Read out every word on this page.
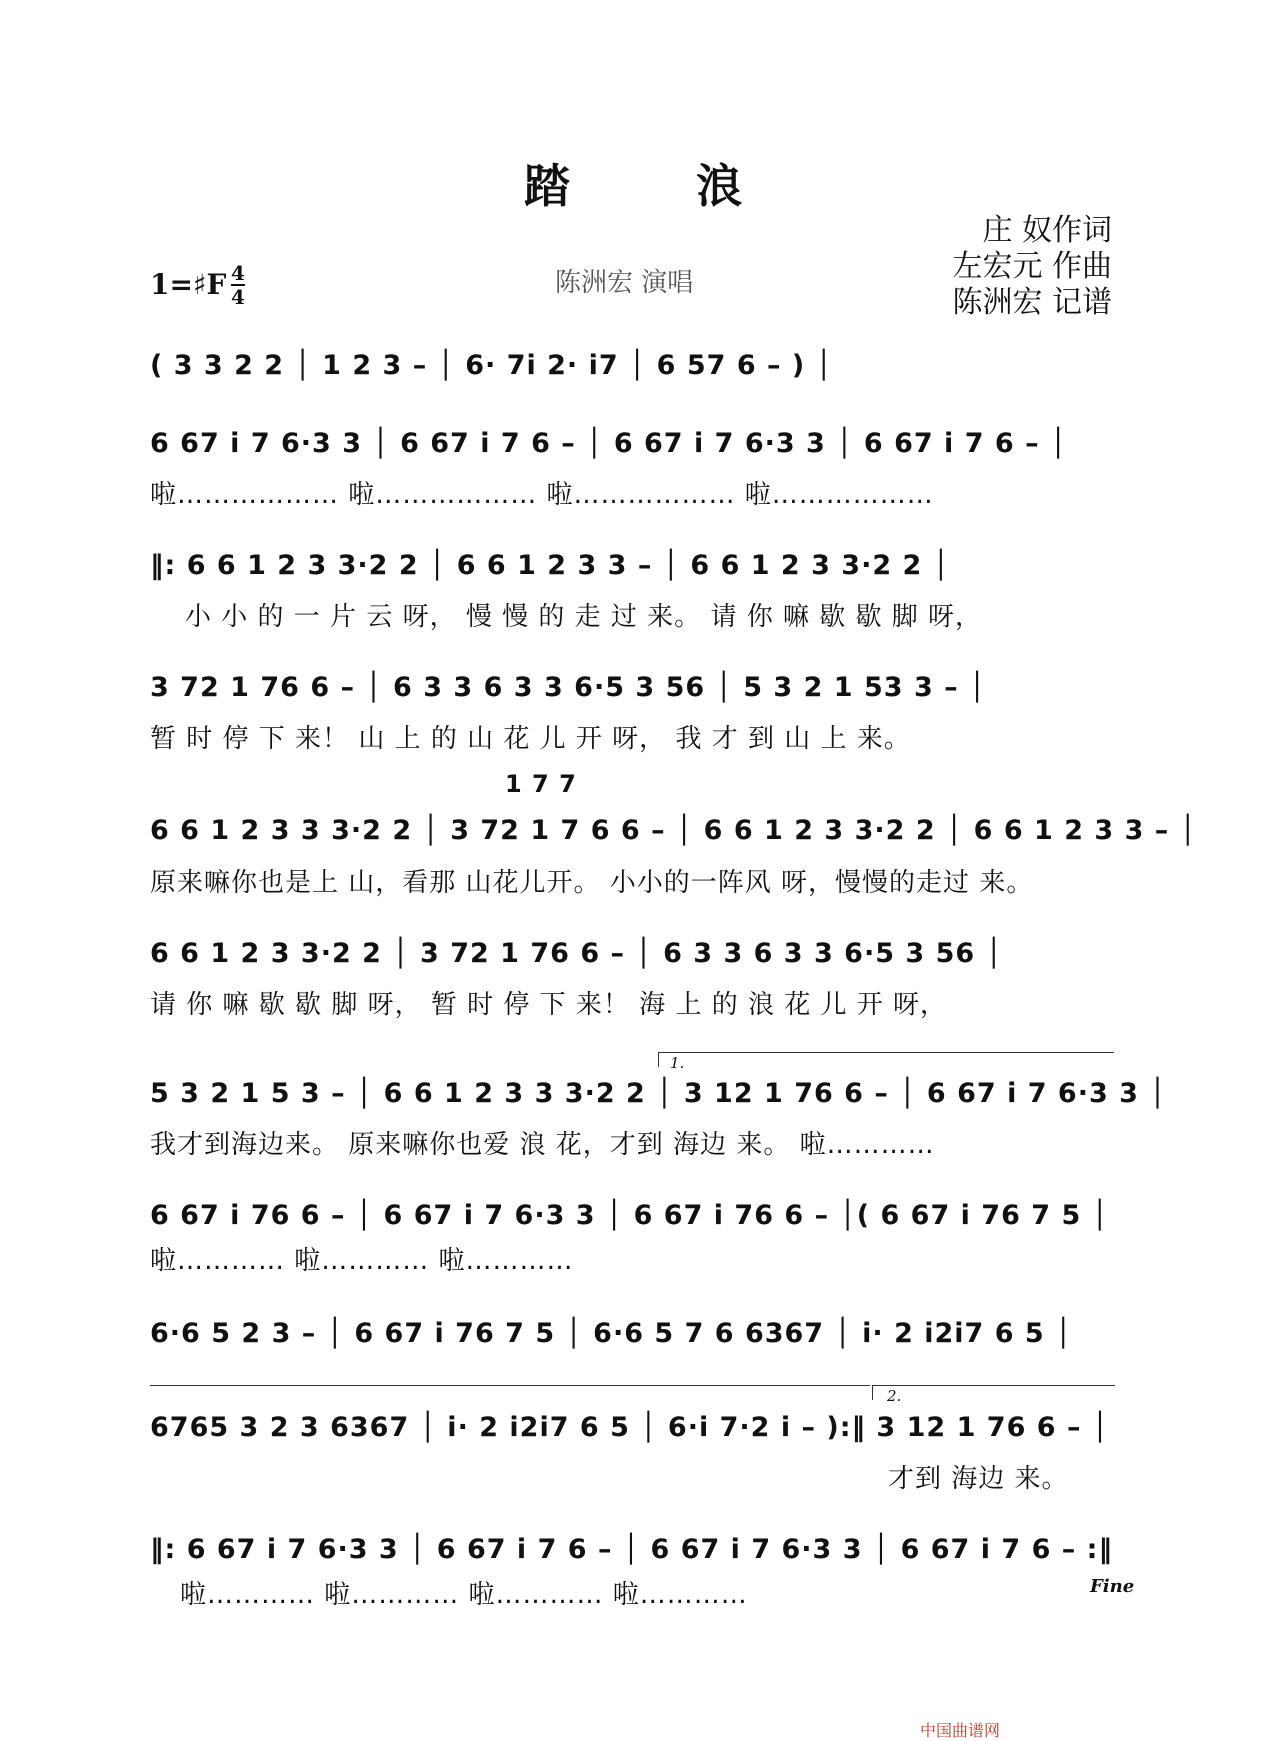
踏	浪
庄 奴作词
左宏元 作曲
陈洲宏 记谱
陈洲宏 演唱
1=♯F 4
4
( 3 3 2 2 │ 1 2 3 – │ 6· 7i 2· i7 │ 6 57 6 – ) │
6 67 i 7 6·3 3 │ 6 67 i 7 6 – │ 6 67 i 7 6·3 3 │ 6 67 i 7 6 – │
啦……………… 啦……………… 啦……………… 啦………………
‖: 6 6 1 2 3 3·2 2 │ 6 6 1 2 3 3 – │ 6 6 1 2 3 3·2 2 │
小 小 的 一 片 云 呀， 慢 慢 的 走 过 来。 请 你 嘛 歇 歇 脚 呀，
3 72 1 76 6 – │ 6 3 3 6 3 3 6·5 3 56 │ 5 3 2 1 53 3 – │
暂 时 停 下 来！ 山 上 的 山 花 儿 开 呀， 我 才 到 山 上 来。
1 7 7
6 6 1 2 3 3 3·2 2 │ 3 72 1 7 6 6 – │ 6 6 1 2 3 3·2 2 │ 6 6 1 2 3 3 – │
原来嘛你也是上 山，看那 山花儿开。 小小的一阵风 呀，慢慢的走过 来。
6 6 1 2 3 3·2 2 │ 3 72 1 76 6 – │ 6 3 3 6 3 3 6·5 3 56 │
请 你 嘛 歇 歇 脚 呀， 暂 时 停 下 来！ 海 上 的 浪 花 儿 开 呀，
1.
5 3 2 1 5 3 – │ 6 6 1 2 3 3 3·2 2 │ 3 12 1 76 6 – │ 6 67 i 7 6·3 3 │
我才到海边来。 原来嘛你也爱 浪 花，才到 海边 来。 啦…………
6 67 i 76 6 – │ 6 67 i 7 6·3 3 │ 6 67 i 76 6 – │( 6 67 i 76 7 5 │
啦………… 啦………… 啦…………
6·6 5 2 3 – │ 6 67 i 76 7 5 │ 6·6 5 7 6 6367 │ i· 2 i2i7 6 5 │
2.
6765 3 2 3 6367 │ i· 2 i2i7 6 5 │ 6·i 7·2 i – ):‖ 3 12 1 76 6 – │
才到 海边 来。
‖: 6 67 i 7 6·3 3 │ 6 67 i 7 6 – │ 6 67 i 7 6·3 3 │ 6 67 i 7 6 – :‖
啦………… 啦………… 啦………… 啦…………	Fine
中国曲谱网
